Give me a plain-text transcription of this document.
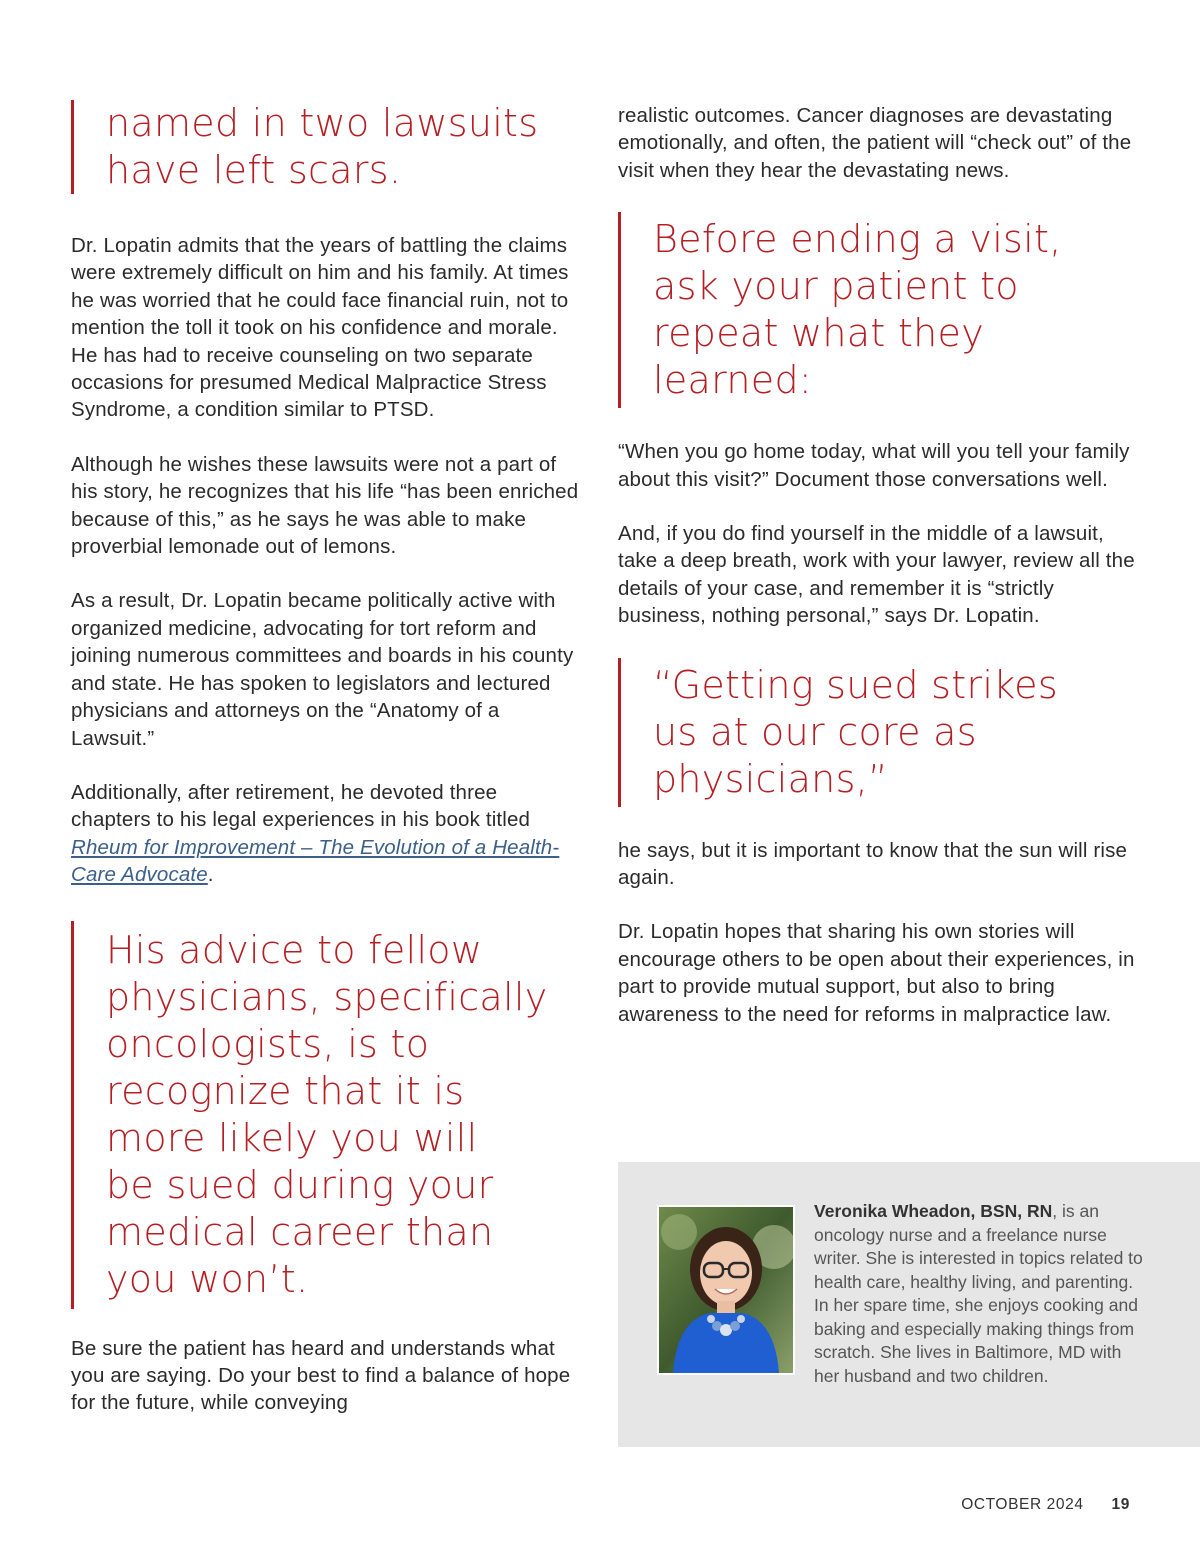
named in two lawsuits
have left scars.

Dr. Lopatin admits that the years of battling the claims were extremely difficult on him and his family. At times he was worried that he could face financial ruin, not to mention the toll it took on his confidence and morale. He has had to receive counseling on two separate occasions for presumed Medical Malpractice Stress Syndrome, a condition similar to PTSD.

Although he wishes these lawsuits were not a part of his story, he recognizes that his life “has been enriched because of this,” as he says he was able to make proverbial lemonade out of lemons.

As a result, Dr. Lopatin became politically active with organized medicine, advocating for tort reform and joining numerous committees and boards in his county and state. He has spoken to legislators and lectured physicians and attorneys on the “Anatomy of a Lawsuit.”

Additionally, after retirement, he devoted three chapters to his legal experiences in his book titled Rheum for Improvement – The Evolution of a Health-Care Advocate.

His advice to fellow
physicians, specifically
oncologists, is to
recognize that it is
more likely you will
be sued during your
medical career than
you won’t.

Be sure the patient has heard and understands what you are saying. Do your best to find a balance of hope for the future, while conveying

realistic outcomes. Cancer diagnoses are devastating emotionally, and often, the patient will “check out” of the visit when they hear the devastating news.

Before ending a visit,
ask your patient to
repeat what they
learned:

“When you go home today, what will you tell your family about this visit?” Document those conversations well.

And, if you do find yourself in the middle of a lawsuit, take a deep breath, work with your lawyer, review all the details of your case, and remember it is “strictly business, nothing personal,” says Dr. Lopatin.

“Getting sued strikes
us at our core as
physicians,”

he says, but it is important to know that the sun will rise again.

Dr. Lopatin hopes that sharing his own stories will encourage others to be open about their experiences, in part to provide mutual support, but also to bring awareness to the need for reforms in malpractice law.

Veronika Wheadon, BSN, RN, is an oncology nurse and a freelance nurse writer. She is interested in topics related to health care, healthy living, and parenting. In her spare time, she enjoys cooking and baking and especially making things from scratch. She lives in Baltimore, MD with her husband and two children.
OCTOBER 2024 19
